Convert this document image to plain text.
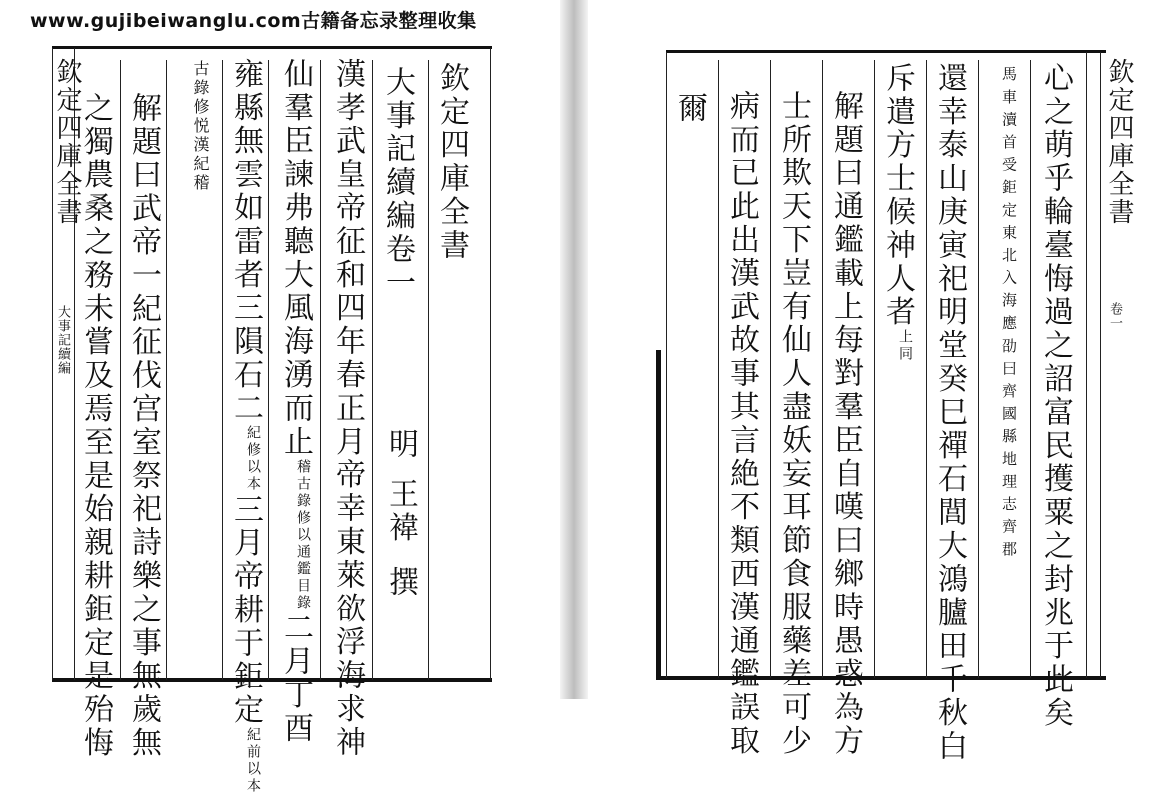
www.gujibeiwanglu.com古籍备忘录整理收集
欽定四庫全書
大事記續編
欽定四庫全書
大事記續編卷一
明
王褘
撰
漢孝武皇帝征和四年春正月帝幸東萊欲浮海求神
仙羣臣諫弗聽大風海湧而止
以通鑑目錄
稽古錄修
二月丁酉
雍縣無雲如雷者三隕石二
以本
紀修
三月帝耕于鉅定
以本
紀前
悦漢紀稽
古錄修
解題曰武帝一紀征伐宫室祭祀詩樂之事無歲無
之獨農桑之務未嘗及焉至是始親耕鉅定是殆悔	欽定四庫全書
卷一
心之萌乎輪臺悔過之詔富民擭粟之封兆于此矣
應劭曰齊國縣地理志齊郡
馬車瀆首受鉅定東北入海
還幸泰山庚寅祀明堂癸巳禪石閭大鴻臚田千秋白
斥遣方士候神人者
同
上
解題曰通鑑載上每對羣臣自嘆曰鄉時愚惑為方
士所欺天下豈有仙人盡妖妄耳節食服藥差可少
病而已此出漢武故事其言絶不類西漢通鑑誤取
爾
